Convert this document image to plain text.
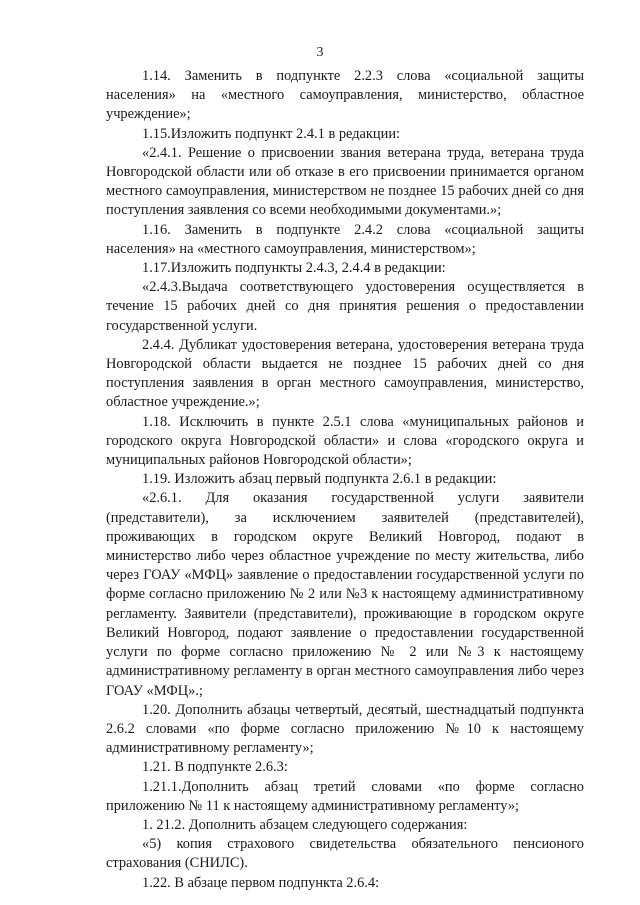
3

1.14. Заменить в подпункте 2.2.3 слова «социальной защиты населения» на «местного самоуправления, министерство, областное учреждение»;

1.15.Изложить подпункт 2.4.1 в редакции:

«2.4.1. Решение о присвоении звания ветерана труда, ветерана труда Новгородской области или об отказе в его присвоении принимается органом местного самоуправления, министерством не позднее 15 рабочих дней со дня поступления заявления со всеми необходимыми документами.»;

1.16. Заменить в подпункте 2.4.2 слова «социальной защиты населения» на «местного самоуправления, министерством»;

1.17.Изложить подпункты 2.4.3, 2.4.4 в редакции:

«2.4.3.Выдача соответствующего удостоверения осуществляется в течение 15 рабочих дней со дня принятия решения о предоставлении государственной услуги.

2.4.4. Дубликат удостоверения ветерана, удостоверения ветерана труда Новгородской области выдается не позднее 15 рабочих дней со дня поступления заявления в орган местного самоуправления, министерство, областное учреждение.»;

1.18. Исключить в пункте 2.5.1 слова «муниципальных районов и городского округа Новгородской области» и слова «городского округа и муниципальных районов Новгородской области»;

1.19. Изложить абзац первый подпункта 2.6.1 в редакции:

«2.6.1. Для оказания государственной услуги заявители (представители), за исключением заявителей (представителей), проживающих в городском округе Великий Новгород, подают в министерство либо через областное учреждение по месту жительства, либо через ГОАУ «МФЦ» заявление о предоставлении государственной услуги по форме согласно приложению № 2 или №3 к настоящему административному регламенту. Заявители (представители), проживающие в городском округе Великий Новгород, подают заявление о предоставлении государственной услуги по форме согласно приложению № 2 или №3 к настоящему административному регламенту в орган местного самоуправления либо через ГОАУ «МФЦ».;

1.20. Дополнить абзацы четвертый, десятый, шестнадцатый подпункта 2.6.2 словами «по форме согласно приложению №10 к настоящему административному регламенту»;

1.21. В подпункте 2.6.3:

1.21.1.Дополнить абзац третий словами «по форме согласно приложению № 11 к настоящему административному регламенту»;

1. 21.2. Дополнить абзацем следующего содержания:

«5) копия страхового свидетельства обязательного пенсионого страхования (СНИЛС).

1.22. В абзаце первом подпункта 2.6.4:
